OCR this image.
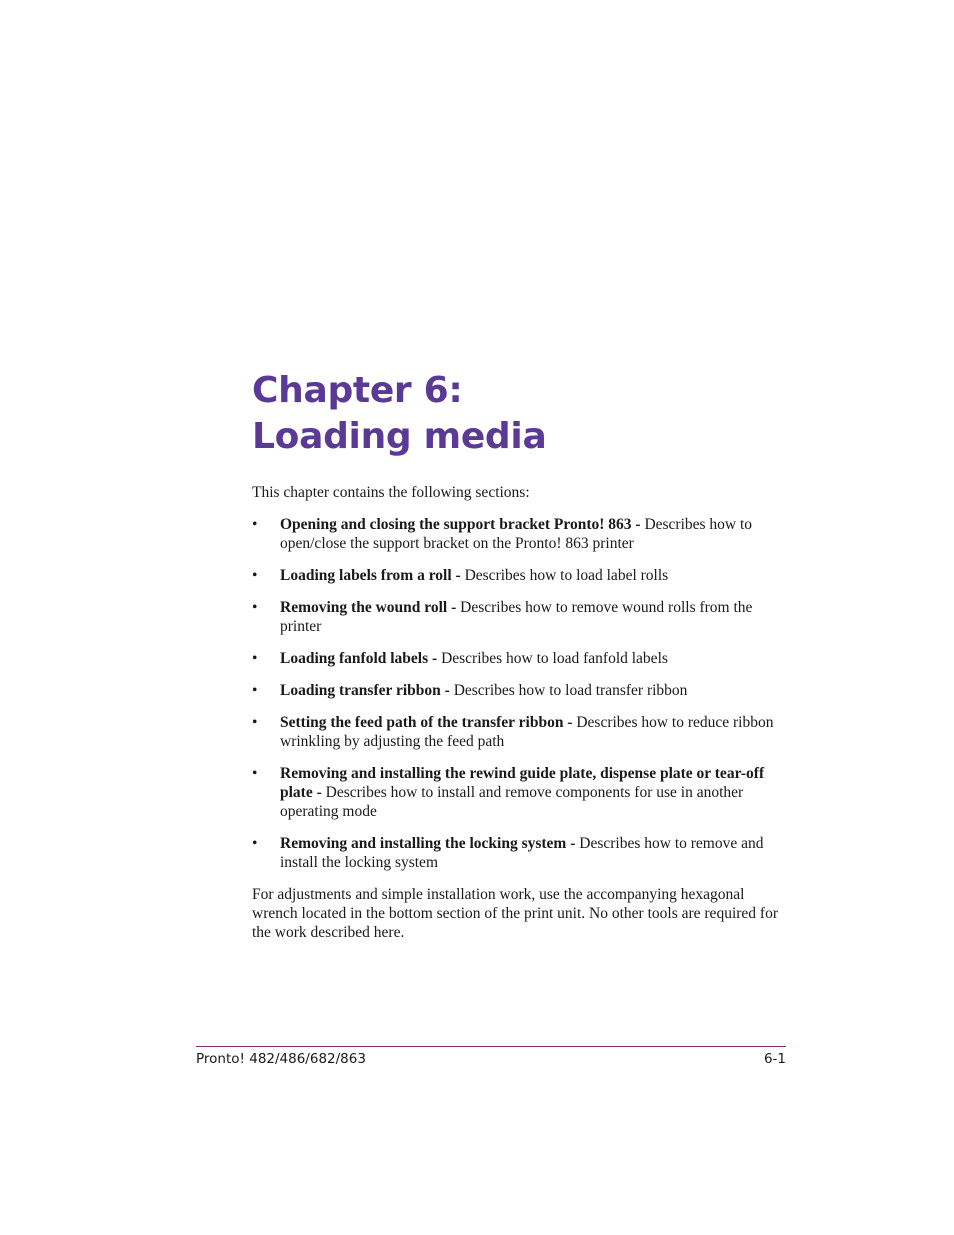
Chapter 6:
Loading media

This chapter contains the following sections:

•	Opening and closing the support bracket Pronto! 863 - Describes how to open/close the support bracket on the Pronto! 863 printer
•	Loading labels from a roll - Describes how to load label rolls
•	Removing the wound roll - Describes how to remove wound rolls from the printer
•	Loading fanfold labels - Describes how to load fanfold labels
•	Loading transfer ribbon - Describes how to load transfer ribbon
•	Setting the feed path of the transfer ribbon - Describes how to reduce ribbon wrinkling by adjusting the feed path
•	Removing and installing the rewind guide plate, dispense plate or tear-off plate - Describes how to install and remove components for use in another operating mode
•	Removing and installing the locking system - Describes how to remove and install the locking system

For adjustments and simple installation work, use the accompanying hexagonal wrench located in the bottom section of the print unit. No other tools are required for the work described here.

Pronto! 482/486/682/863	6-1
